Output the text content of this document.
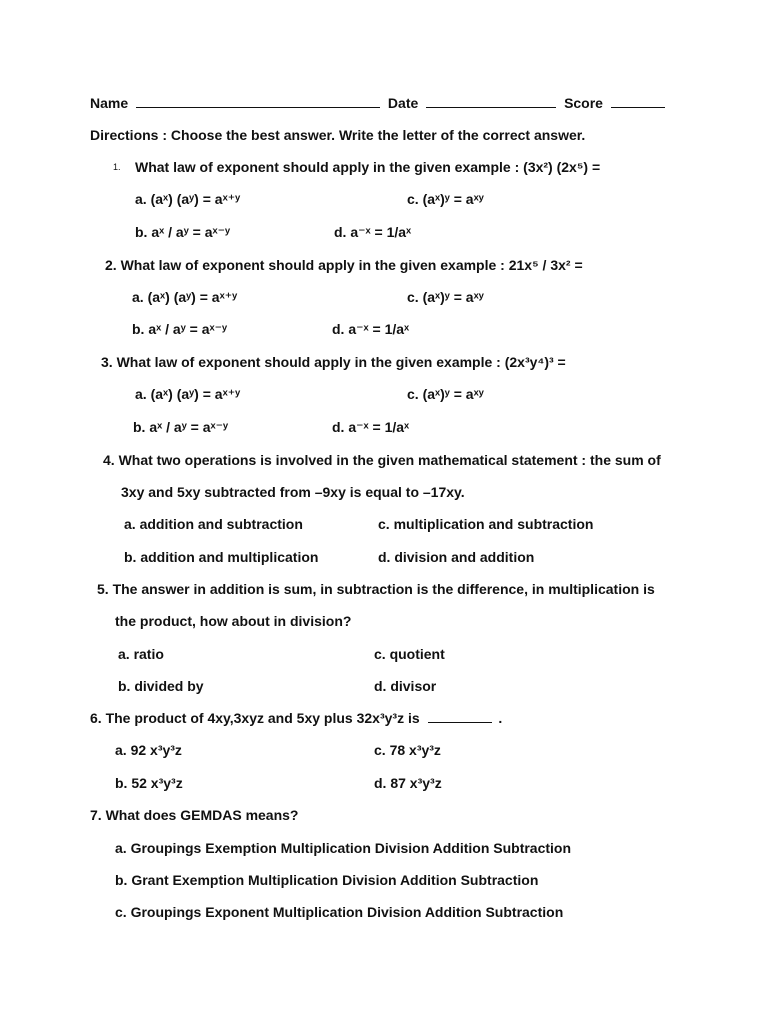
Name	Date	Score
Directions : Choose the best answer. Write the letter of the correct answer.
1. What law of exponent should apply in the given example : (3x²) (2x⁵) =
a. (aˣ) (aʸ) = aˣ⁺ʸ	c. (aˣ)ʸ = aˣʸ
b. aˣ / aʸ = aˣ⁻ʸ	d. a⁻ˣ = 1/aˣ
2. What law of exponent should apply in the given example : 21x⁵ / 3x² =
a. (aˣ) (aʸ) = aˣ⁺ʸ	c. (aˣ)ʸ = aˣʸ
b. aˣ / aʸ = aˣ⁻ʸ	d. a⁻ˣ = 1/aˣ
3. What law of exponent should apply in the given example : (2x³y⁴)³ =
a. (aˣ) (aʸ) = aˣ⁺ʸ	c. (aˣ)ʸ = aˣʸ
b. aˣ / aʸ = aˣ⁻ʸ	d. a⁻ˣ = 1/aˣ
4. What two operations is involved in the given mathematical statement : the sum of
3xy and 5xy subtracted from –9xy is equal to –17xy.
a. addition and subtraction	c. multiplication and subtraction
b. addition and multiplication	d. division and addition
5. The answer in addition is sum, in subtraction is the difference, in multiplication is
the product, how about in division?
a. ratio	c. quotient
b. divided by	d. divisor
6. The product of 4xy,3xyz and 5xy plus 32x³y³z is	.
a. 92 x³y³z	c. 78 x³y³z
b. 52 x³y³z	d. 87 x³y³z
7. What does GEMDAS means?
a. Groupings Exemption Multiplication Division Addition Subtraction
b. Grant Exemption Multiplication Division Addition Subtraction
c. Groupings Exponent Multiplication Division Addition Subtraction
